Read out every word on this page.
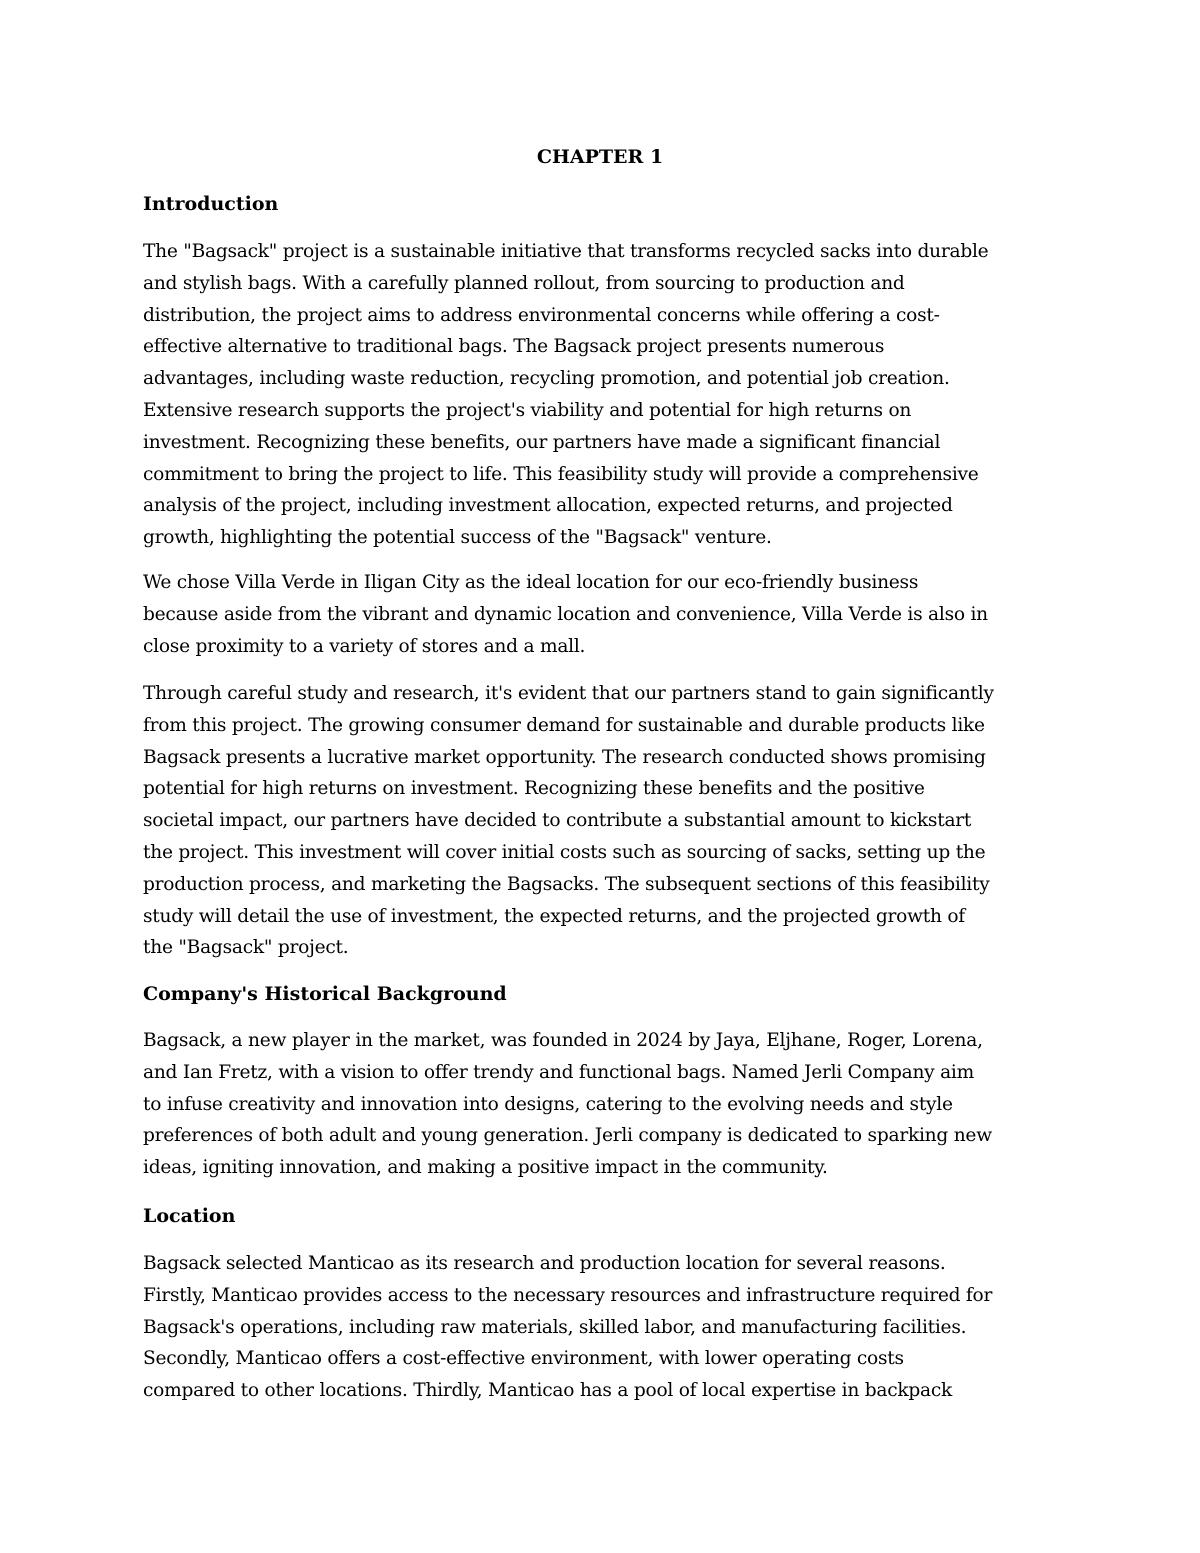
CHAPTER 1
Introduction

The "Bagsack" project is a sustainable initiative that transforms recycled sacks into durable
and stylish bags. With a carefully planned rollout, from sourcing to production and
distribution, the project aims to address environmental concerns while offering a cost-
effective alternative to traditional bags. The Bagsack project presents numerous
advantages, including waste reduction, recycling promotion, and potential job creation.
Extensive research supports the project's viability and potential for high returns on
investment. Recognizing these benefits, our partners have made a significant financial
commitment to bring the project to life. This feasibility study will provide a comprehensive
analysis of the project, including investment allocation, expected returns, and projected
growth, highlighting the potential success of the "Bagsack" venture.

We chose Villa Verde in Iligan City as the ideal location for our eco-friendly business
because aside from the vibrant and dynamic location and convenience, Villa Verde is also in
close proximity to a variety of stores and a mall.

Through careful study and research, it's evident that our partners stand to gain significantly
from this project. The growing consumer demand for sustainable and durable products like
Bagsack presents a lucrative market opportunity. The research conducted shows promising
potential for high returns on investment. Recognizing these benefits and the positive
societal impact, our partners have decided to contribute a substantial amount to kickstart
the project. This investment will cover initial costs such as sourcing of sacks, setting up the
production process, and marketing the Bagsacks. The subsequent sections of this feasibility
study will detail the use of investment, the expected returns, and the projected growth of
the "Bagsack" project.

Company's Historical Background

Bagsack, a new player in the market, was founded in 2024 by Jaya, Eljhane, Roger, Lorena,
and Ian Fretz, with a vision to offer trendy and functional bags. Named Jerli Company aim
to infuse creativity and innovation into designs, catering to the evolving needs and style
preferences of both adult and young generation. Jerli company is dedicated to sparking new
ideas, igniting innovation, and making a positive impact in the community.

Location

Bagsack selected Manticao as its research and production location for several reasons.
Firstly, Manticao provides access to the necessary resources and infrastructure required for
Bagsack's operations, including raw materials, skilled labor, and manufacturing facilities.
Secondly, Manticao offers a cost-effective environment, with lower operating costs
compared to other locations. Thirdly, Manticao has a pool of local expertise in backpack
